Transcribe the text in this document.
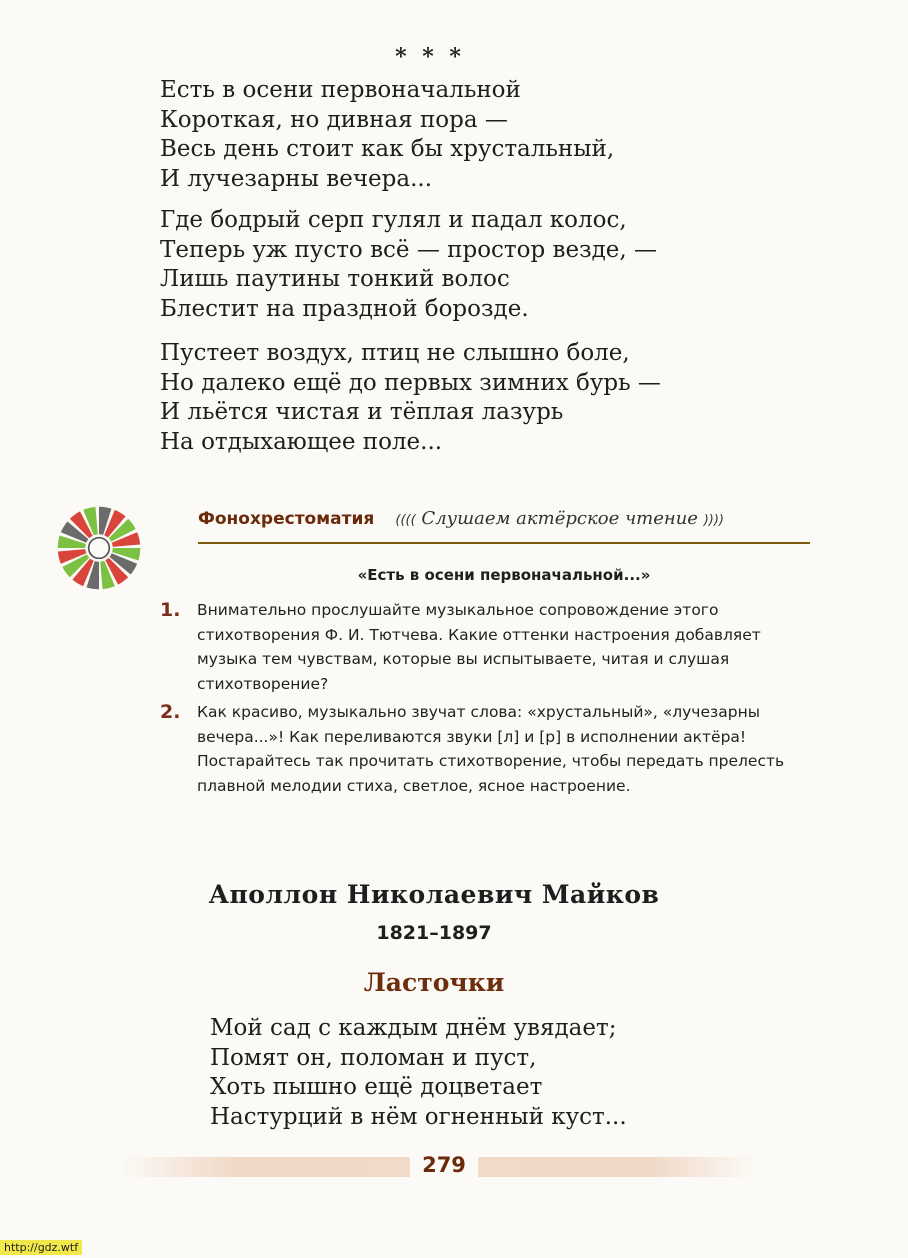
* * *
Есть в осени первоначальной
Короткая, но дивная пора —
Весь день стоит как бы хрустальный,
И лучезарны вечера...
Где бодрый серп гулял и падал колос,
Теперь уж пусто всё — простор везде, —
Лишь паутины тонкий волос
Блестит на праздной борозде.
Пустеет воздух, птиц не слышно боле,
Но далеко ещё до первых зимних бурь —
И льётся чистая и тёплая лазурь
На отдыхающее поле...
Фонохрестоматия (((( Слушаем актёрское чтение ))))
«Есть в осени первоначальной...»
1.	Внимательно прослушайте музыкальное сопровождение этого стихотворения Ф. И. Тютчева. Какие оттенки настроения добавляет музыка тем чувствам, которые вы испытываете, читая и слушая стихотворение?
2.	Как красиво, музыкально звучат слова: «хрустальный», «лучезарны вечера...»! Как переливаются звуки [л] и [р] в исполнении актёра! Постарайтесь так прочитать стихотворение, чтобы передать прелесть плавной мелодии стиха, светлое, ясное настроение.
Аполлон Николаевич Майков
1821–1897
Ласточки
Мой сад с каждым днём увядает;
Помят он, поломан и пуст,
Хоть пышно ещё доцветает
Настурций в нём огненный куст...
279
http://gdz.wtf
